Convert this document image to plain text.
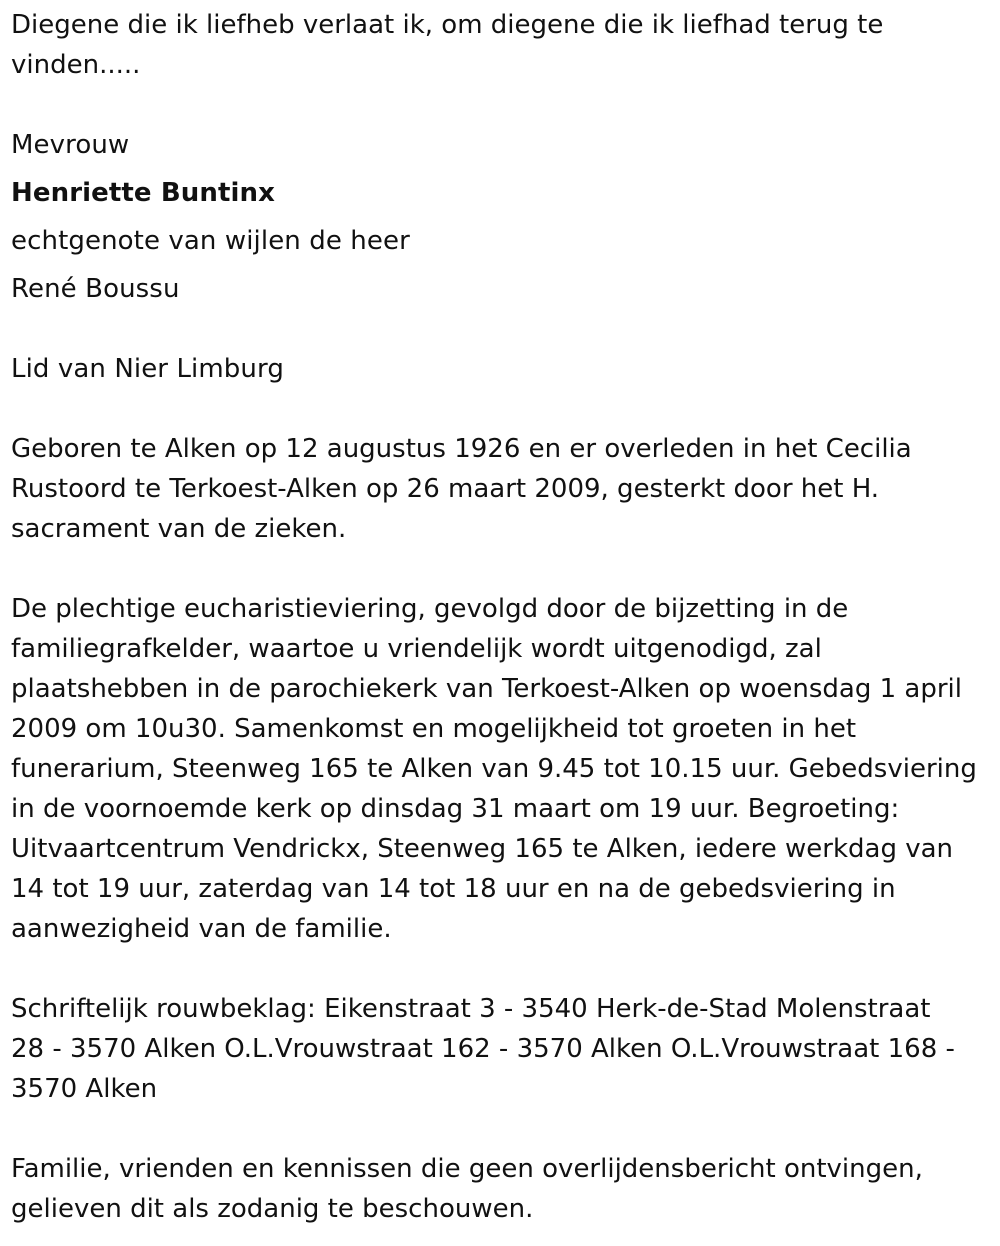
Diegene die ik liefheb verlaat ik, om diegene die ik liefhad terug te vinden.....

Mevrouw

Henriette Buntinx

echtgenote van wijlen de heer

René Boussu

Lid van Nier Limburg

Geboren te Alken op 12 augustus 1926 en er overleden in het Cecilia Rustoord te Terkoest-Alken op 26 maart 2009, gesterkt door het H. sacrament van de zieken.

De plechtige eucharistieviering, gevolgd door de bijzetting in de familiegrafkelder, waartoe u vriendelijk wordt uitgenodigd, zal plaatshebben in de parochiekerk van Terkoest-Alken op woensdag 1 april 2009 om 10u30. Samenkomst en mogelijkheid tot groeten in het funerarium, Steenweg 165 te Alken van 9.45 tot 10.15 uur. Gebedsviering in de voornoemde kerk op dinsdag 31 maart om 19 uur. Begroeting: Uitvaartcentrum Vendrickx, Steenweg 165 te Alken, iedere werkdag van 14 tot 19 uur, zaterdag van 14 tot 18 uur en na de gebedsviering in aanwezigheid van de familie.

Schriftelijk rouwbeklag: Eikenstraat 3 - 3540 Herk-de-Stad Molenstraat 28 - 3570 Alken O.L.Vrouwstraat 162 - 3570 Alken O.L.Vrouwstraat 168 - 3570 Alken

Familie, vrienden en kennissen die geen overlijdensbericht ontvingen, gelieven dit als zodanig te beschouwen.
